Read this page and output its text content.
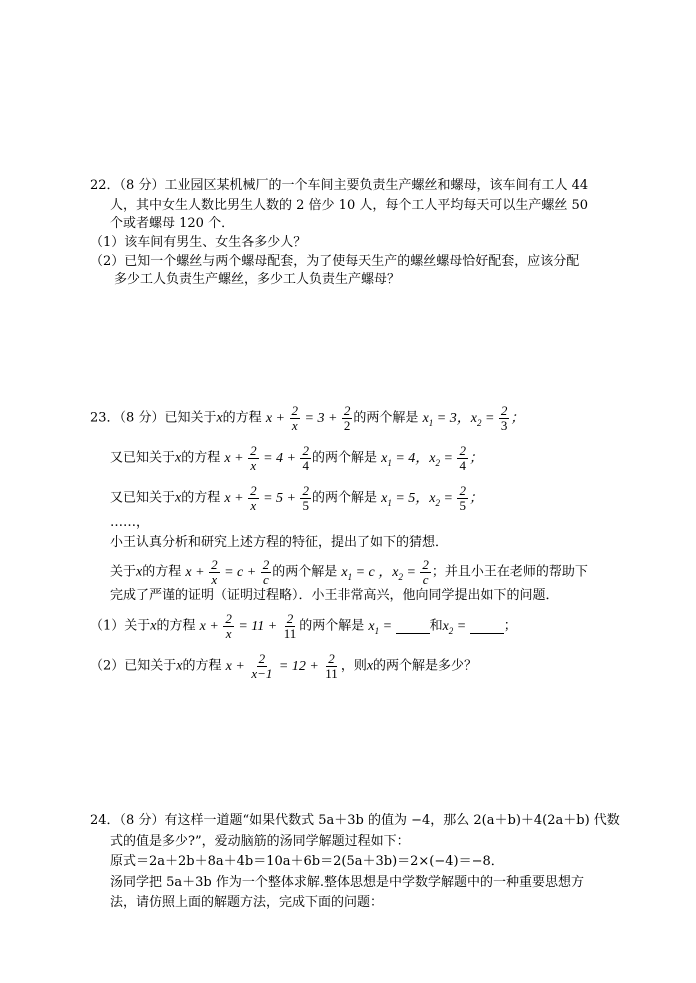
22．（8 分）工业园区某机械厂的一个车间主要负责生产螺丝和螺母，该车间有工人 44
人，其中女生人数比男生人数的 2 倍少 10 人，每个工人平均每天可以生产螺丝 50
个或者螺母 120 个．
（1）该车间有男生、女生各多少人？
（2）已知一个螺丝与两个螺母配套，为了使每天生产的螺丝螺母恰好配套，应该分配
多少工人负责生产螺丝，多少工人负责生产螺母？
23．（8 分）已知关于x的方程 $x + \frac{2}{x} = 3 + \frac{2}{2}$ 的两个解是 $x_1 = 3$，$x_2 = \frac{2}{3}$ ；
又已知关于x的方程 $x + \frac{2}{x} = 4 + \frac{2}{4}$ 的两个解是 $x_1 = 4$，$x_2 = \frac{2}{4}$ ；
又已知关于x的方程 $x + \frac{2}{x} = 5 + \frac{2}{5}$ 的两个解是 $x_1 = 5$，$x_2 = \frac{2}{5}$ ；
……，
小王认真分析和研究上述方程的特征，提出了如下的猜想．
关于x的方程 $x + \frac{2}{x} = c + \frac{2}{c}$ 的两个解是 $x_1 = c$ ，$x_2 = \frac{2}{c}$ ；并且小王在老师的帮助下
完成了严谨的证明（证明过程略）．小王非常高兴，他向同学提出如下的问题．
（1）关于x的方程 $x + \frac{2}{x} = 11 + \frac{2}{11}$ 的两个解是 $x_1$ =	和$x_2$ =	；
（2）已知关于x的方程 $x + \frac{2}{x-1} = 12 + \frac{2}{11}$ ，则x的两个解是多少？
24．（8 分）有这样一道题“如果代数式 5a＋3b 的值为 −4，那么 2(a＋b)＋4(2a＋b) 代数
式的值是多少?”，爱动脑筋的汤同学解题过程如下：
原式＝2a＋2b＋8a＋4b＝10a＋6b＝2(5a＋3b)＝2×(−4)＝−8．
汤同学把 5a＋3b 作为一个整体求解.整体思想是中学数学解题中的一种重要思想方
法，请仿照上面的解题方法，完成下面的问题：
